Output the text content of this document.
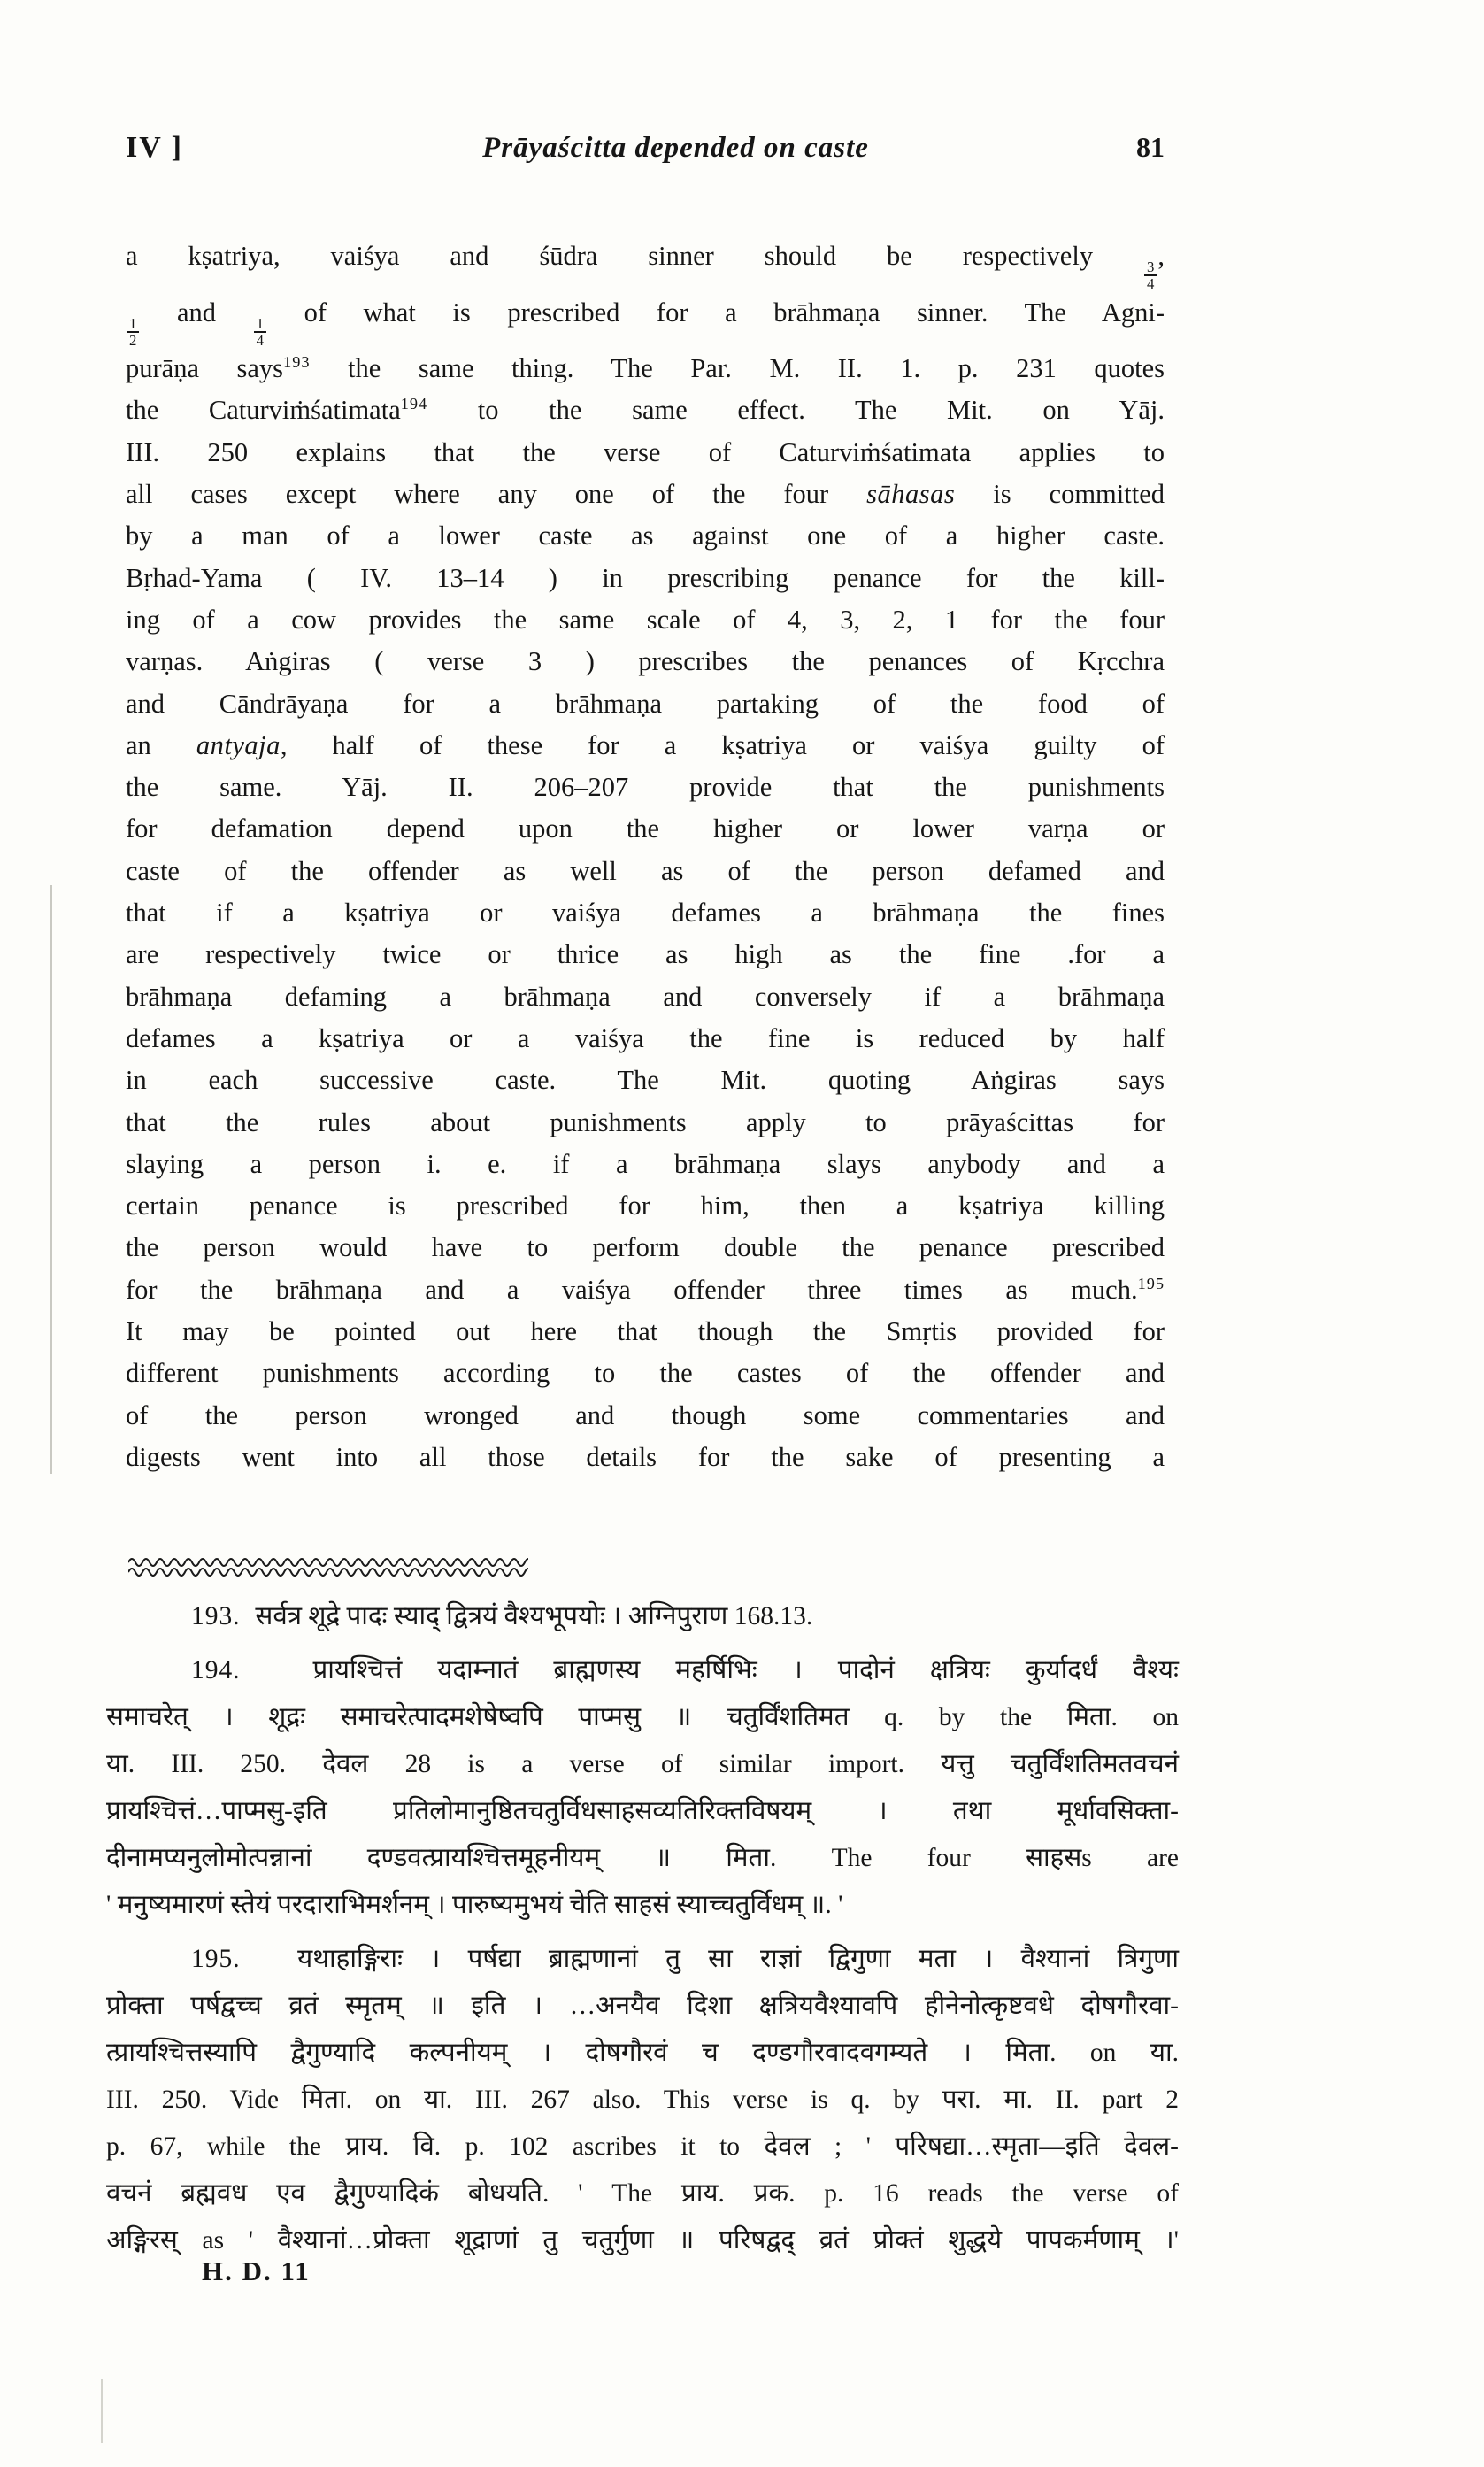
IV ]	Prāyaścitta depended on caste	81
a kṣatriya, vaiśya and śūdra sinner should be respectively
$\frac{3}{4}$
,
$\frac{1}{2}$
and
$\frac{1}{4}$
of what is prescribed for a brāhmaṇa sinner. The Agni-
purāṇa says$^{193}$ the same thing. The Par. M. II. 1. p. 231 quotes
the Caturviṁśatimata$^{194}$ to the same effect. The Mit. on Yāj.
III. 250 explains that the verse of Caturviṁśatimata applies to
all cases except where any one of the four sāhasas is committed
by a man of a lower caste as against one of a higher caste.
Bṛhad-Yama ( IV. 13–14 ) in prescribing penance for the kill-
ing of a cow provides the same scale of 4, 3, 2, 1 for the four
varṇas. Aṅgiras ( verse 3 ) prescribes the penances of Kṛcchra
and Cāndrāyaṇa for a brāhmaṇa partaking of the food of
an antyaja, half of these for a kṣatriya or vaiśya guilty of
the same. Yāj. II. 206–207 provide that the punishments
for defamation depend upon the higher or lower varṇa or
caste of the offender as well as of the person defamed and
that if a kṣatriya or vaiśya defames a brāhmaṇa the fines
are respectively twice or thrice as high as the fine .for a
brāhmaṇa defaming a brāhmaṇa and conversely if a brāhmaṇa
defames a kṣatriya or a vaiśya the fine is reduced by half
in each successive caste. The Mit. quoting Aṅgiras says
that the rules about punishments apply to prāyaścittas for
slaying a person i. e. if a brāhmaṇa slays anybody and a
certain penance is prescribed for him, then a kṣatriya killing
the person would have to perform double the penance prescribed
for the brāhmaṇa and a vaiśya offender three times as much.$^{195}$
It may be pointed out here that though the Smṛtis provided for
different punishments according to the castes of the offender and
of the person wronged and though some commentaries and
digests went into all those details for the sake of presenting a
193.  सर्वत्र शूद्रे पादः स्याद् द्वित्रयं वैश्यभूपयोः । अग्निपुराण 168.13.
194.  प्रायश्चित्तं यदाम्नातं ब्राह्मणस्य महर्षिभिः । पादोनं क्षत्रियः कुर्यादर्धं वैश्यः
समाचरेत् । शूद्रः समाचरेत्पादमशेषेष्वपि पाप्मसु ॥ चतुर्विंशतिमत q. by the मिता. on
या. III. 250. देवल 28 is a verse of similar import. यत्तु चतुर्विंशतिमतवचनं
प्रायश्चित्तं…पाप्मसु-इति प्रतिलोमानुष्ठितचतुर्विधसाहसव्यतिरिक्तविषयम् । तथा मूर्धावसिक्ता-
दीनामप्यनुलोमोत्पन्नानां दण्डवत्प्रायश्चित्तमूहनीयम् ॥ मिता. The four साहसs are
' मनुष्यमारणं स्तेयं परदाराभिमर्शनम् । पारुष्यमुभयं चेति साहसं स्याच्चतुर्विधम् ॥. '
195.  यथाहाङ्गिराः । पर्षद्या ब्राह्मणानां तु सा राज्ञां द्विगुणा मता । वैश्यानां त्रिगुणा
प्रोक्ता पर्षद्वच्च व्रतं स्मृतम् ॥ इति । …अनयैव दिशा क्षत्रियवैश्यावपि हीनेनोत्कृष्टवधे दोषगौरवा-
त्प्रायश्चित्तस्यापि द्वैगुण्यादि कल्पनीयम् । दोषगौरवं च दण्डगौरवादवगम्यते । मिता. on या.
III. 250. Vide मिता. on या. III. 267 also. This verse is q. by परा. मा. II. part 2
p. 67, while the प्राय. वि. p. 102 ascribes it to देवल ; ' परिषद्या…स्मृता—इति देवल-
वचनं ब्रह्मवध एव द्वैगुण्यादिकं बोधयति. ' The प्राय. प्रक. p. 16 reads the verse of
अङ्गिरस् as ' वैश्यानां…प्रोक्ता शूद्राणां तु चतुर्गुणा ॥ परिषद्वद् व्रतं प्रोक्तं शुद्धये पापकर्मणाम् ।'
H. D. 11
